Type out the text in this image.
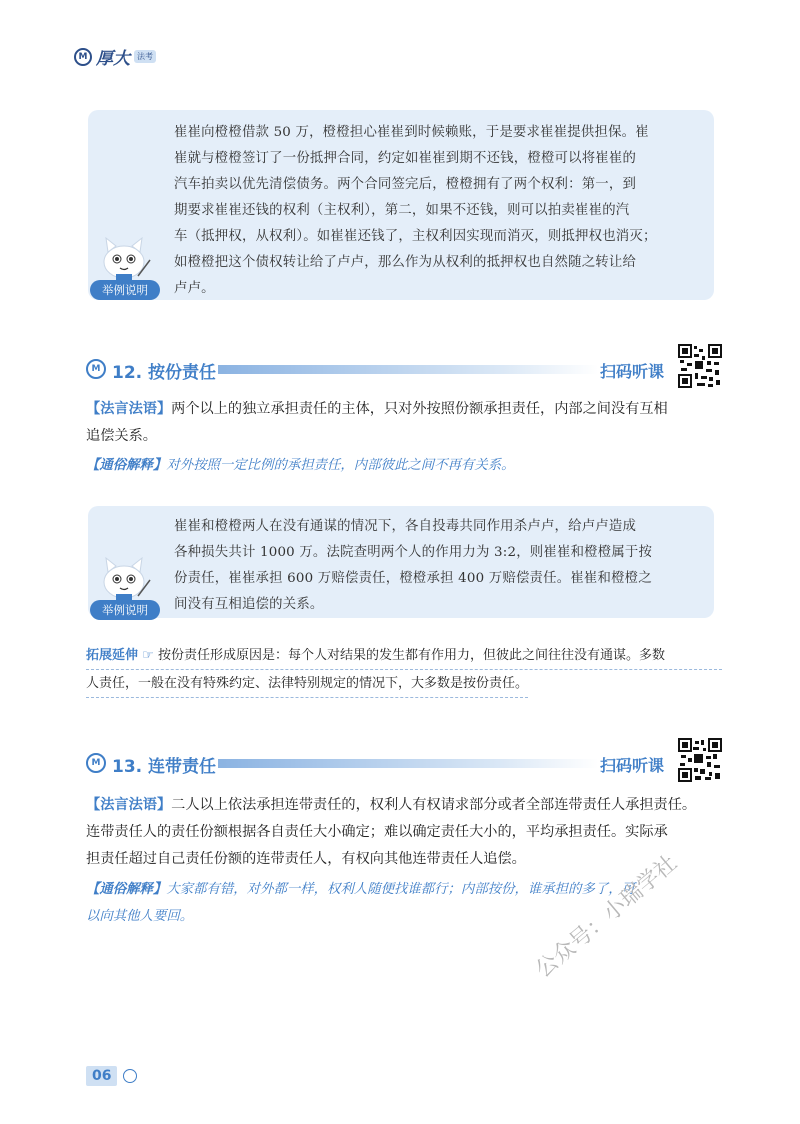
M 厚大 法考
崔崔向橙橙借款 50 万，橙橙担心崔崔到时候赖账，于是要求崔崔提供担保。崔
崔就与橙橙签订了一份抵押合同，约定如崔崔到期不还钱，橙橙可以将崔崔的
汽车拍卖以优先清偿债务。两个合同签完后，橙橙拥有了两个权利：第一，到
期要求崔崔还钱的权利（主权利），第二，如果不还钱，则可以拍卖崔崔的汽
车（抵押权，从权利）。如崔崔还钱了，主权利因实现而消灭，则抵押权也消灭；
如橙橙把这个债权转让给了卢卢，那么作为从权利的抵押权也自然随之转让给
卢卢。
举例说明
M 12. 按份责任	扫码听课
【法言法语】两个以上的独立承担责任的主体，只对外按照份额承担责任，内部之间没有互相
追偿关系。
【通俗解释】对外按照一定比例的承担责任，内部彼此之间不再有关系。
崔崔和橙橙两人在没有通谋的情况下，各自投毒共同作用杀卢卢，给卢卢造成
各种损失共计 1000 万。法院查明两个人的作用力为 3:2，则崔崔和橙橙属于按
份责任，崔崔承担 600 万赔偿责任，橙橙承担 400 万赔偿责任。崔崔和橙橙之
间没有互相追偿的关系。
举例说明
拓展延伸 ☞ 按份责任形成原因是：每个人对结果的发生都有作用力，但彼此之间往往没有通谋。多数
人责任，一般在没有特殊约定、法律特别规定的情况下，大多数是按份责任。
M 13. 连带责任	扫码听课
【法言法语】二人以上依法承担连带责任的，权利人有权请求部分或者全部连带责任人承担责任。
连带责任人的责任份额根据各自责任大小确定；难以确定责任大小的，平均承担责任。实际承
担责任超过自己责任份额的连带责任人，有权向其他连带责任人追偿。
【通俗解释】大家都有错，对外都一样，权利人随便找谁都行；内部按份，谁承担的多了，可
以向其他人要回。	公众号：小瑞学社
06
